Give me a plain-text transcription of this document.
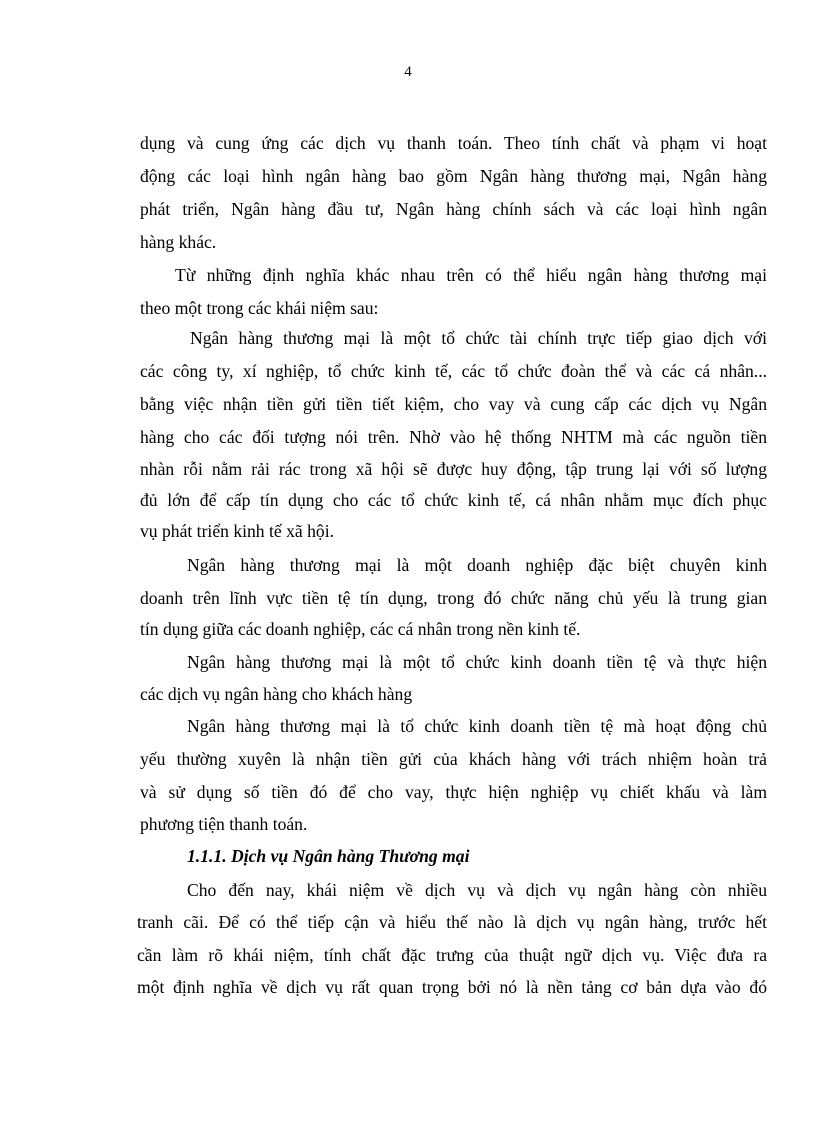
4
dụng và cung ứng các dịch vụ thanh toán. Theo tính chất và phạm vi hoạt
động các loại hình ngân hàng bao gồm Ngân hàng thương mại, Ngân hàng
phát triển, Ngân hàng đầu tư, Ngân hàng chính sách và các loại hình ngân
hàng khác.
Từ những định nghĩa khác nhau trên có thể hiểu ngân hàng thương mại
theo một trong các khái niệm sau:
Ngân hàng thương mại là một tổ chức tài chính trực tiếp giao dịch với
các công ty, xí nghiệp, tổ chức kinh tế, các tổ chức đoàn thể và các cá nhân...
bằng việc nhận tiền gửi tiền tiết kiệm, cho vay và cung cấp các dịch vụ Ngân
hàng cho các đối tượng nói trên. Nhờ vào hệ thống NHTM mà các nguồn tiền
nhàn rỗi nằm rải rác trong xã hội sẽ được huy động, tập trung lại với số lượng
đủ lớn để cấp tín dụng cho các tổ chức kinh tế, cá nhân nhằm mục đích phục
vụ phát triển kinh tế xã hội.
Ngân hàng thương mại là một doanh nghiệp đặc biệt chuyên kinh
doanh trên lĩnh vực tiền tệ tín dụng, trong đó chức năng chủ yếu là trung gian
tín dụng giữa các doanh nghiệp, các cá nhân trong nền kinh tế.
Ngân hàng thương mại là một tổ chức kinh doanh tiền tệ và thực hiện
các dịch vụ ngân hàng cho khách hàng
Ngân hàng thương mại là tổ chức kinh doanh tiền tệ mà hoạt động chủ
yếu thường xuyên là nhận tiền gửi của khách hàng với trách nhiệm hoàn trả
và sử dụng số tiền đó để cho vay, thực hiện nghiệp vụ chiết khấu và làm
phương tiện thanh toán.
1.1.1. Dịch vụ Ngân hàng Thương mại
Cho đến nay, khái niệm về dịch vụ và dịch vụ ngân hàng còn nhiều
tranh cãi. Để có thể tiếp cận và hiểu thế nào là dịch vụ ngân hàng, trước hết
cần làm rõ khái niệm, tính chất đặc trưng của thuật ngữ dịch vụ. Việc đưa ra
một định nghĩa về dịch vụ rất quan trọng bởi nó là nền tảng cơ bản dựa vào đó
